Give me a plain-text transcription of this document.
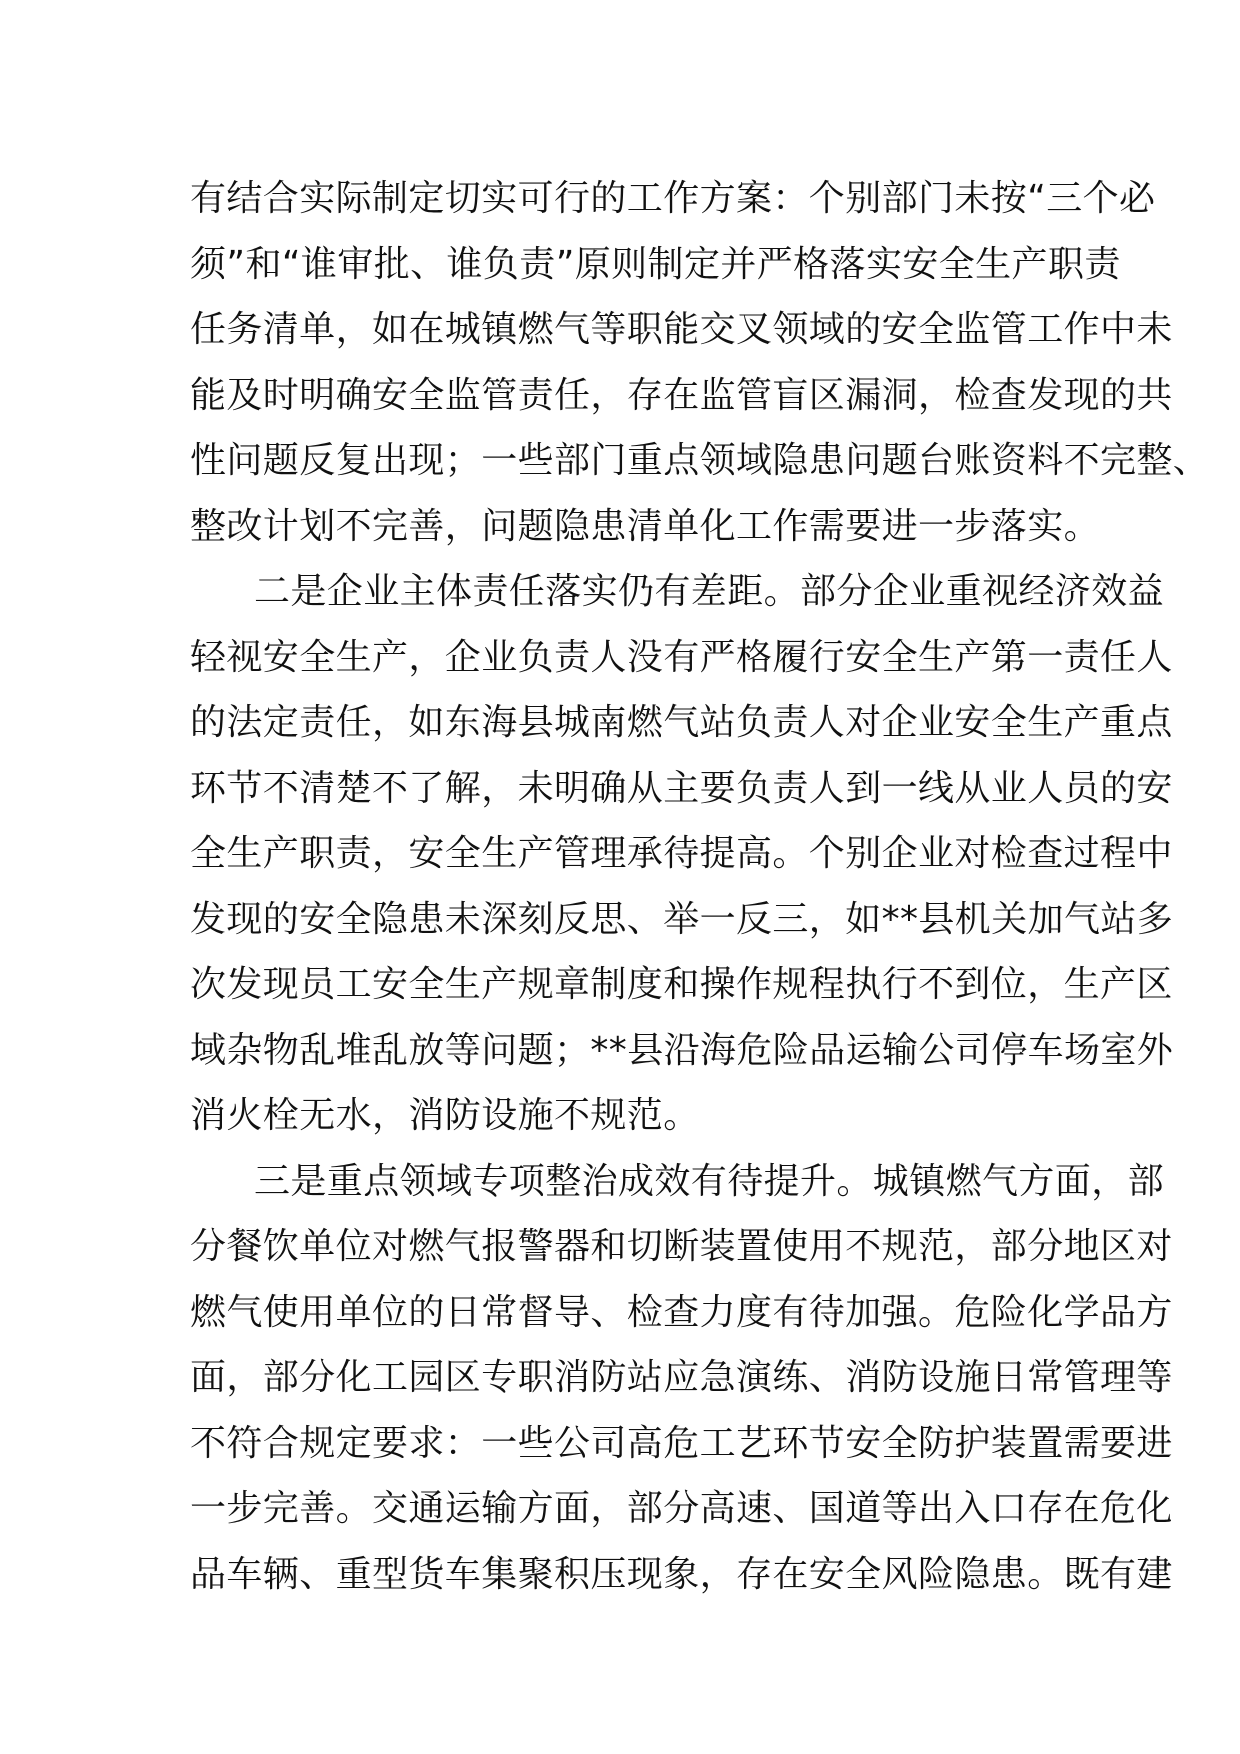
有结合实际制定切实可行的工作方案：个别部门未按“三个必
须”和“谁审批、谁负责”原则制定并严格落实安全生产职责
任务清单，如在城镇燃气等职能交叉领域的安全监管工作中未
能及时明确安全监管责任，存在监管盲区漏洞，检查发现的共
性问题反复出现；一些部门重点领域隐患问题台账资料不完整、
整改计划不完善，问题隐患清单化工作需要进一步落实。
二是企业主体责任落实仍有差距。部分企业重视经济效益
轻视安全生产，企业负责人没有严格履行安全生产第一责任人
的法定责任，如东海县城南燃气站负责人对企业安全生产重点
环节不清楚不了解，未明确从主要负责人到一线从业人员的安
全生产职责，安全生产管理承待提高。个别企业对检查过程中
发现的安全隐患未深刻反思、举一反三，如**县机关加气站多
次发现员工安全生产规章制度和操作规程执行不到位，生产区
域杂物乱堆乱放等问题；**县沿海危险品运输公司停车场室外
消火栓无水，消防设施不规范。
三是重点领域专项整治成效有待提升。城镇燃气方面，部
分餐饮单位对燃气报警器和切断装置使用不规范，部分地区对
燃气使用单位的日常督导、检查力度有待加强。危险化学品方
面，部分化工园区专职消防站应急演练、消防设施日常管理等
不符合规定要求：一些公司高危工艺环节安全防护装置需要进
一步完善。交通运输方面，部分高速、国道等出入口存在危化
品车辆、重型货车集聚积压现象，存在安全风险隐患。既有建
